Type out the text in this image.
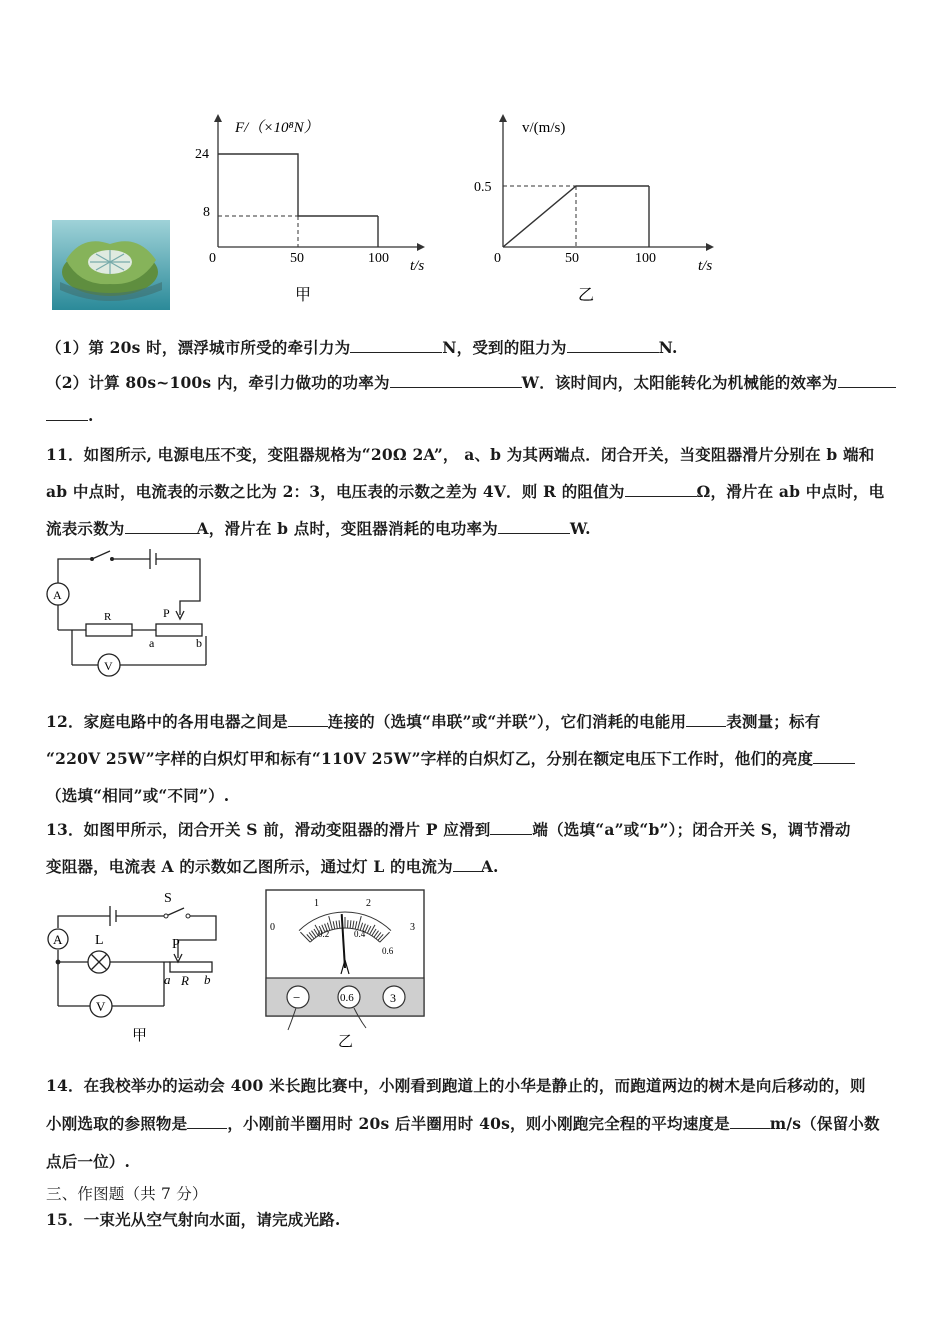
F/（×10⁸N）
t/s
24
8
0	50	100
甲
v/(m/s)
t/s
0.5
0	50	100
乙
（1）第 20s 时，漂浮城市所受的牵引力为	N，受到的阻力为	N.
（2）计算 80s~100s 内，牵引力做功的功率为	W．该时间内，太阳能转化为机械能的效率为
.
11．如图所示, 电源电压不变，变阻器规格为“20Ω 2A”， a、b 为其两端点．闭合开关，当变阻器滑片分别在 b 端和
ab 中点时，电流表的示数之比为 2：3，电压表的示数之差为 4V．则 R 的阻值为	Ω，滑片在 ab 中点时，电
流表示数为	A，滑片在 b 点时，变阻器消耗的电功率为	W.
A
V
R	P
a	b
12．家庭电路中的各用电器之间是	连接的（选填“串联”或“并联”），它们消耗的电能用	表测量；标有
“220V 25W”字样的白炽灯甲和标有“110V 25W”字样的白炽灯乙，分别在额定电压下工作时，他们的亮度
（选填“相同”或“不同”）.
13．如图甲所示，闭合开关 S 前，滑动变阻器的滑片 P 应滑到	端（选填“a”或“b”）；闭合开关 S，调节滑动
变阻器，电流表 A 的示数如乙图所示，通过灯 L 的电流为 A.
S
A L	P
V
a R b
甲
0
1	2
3
0.2	0.4
0.6
−	0.6	3
乙
14．在我校举办的运动会 400 米长跑比赛中，小刚看到跑道上的小华是静止的，而跑道两边的树木是向后移动的，则
小刚选取的参照物是	，小刚前半圈用时 20s 后半圈用时 40s，则小刚跑完全程的平均速度是	m/s（保留小数
点后一位）.
三、作图题（共 7 分）
15．一束光从空气射向水面，请完成光路.
